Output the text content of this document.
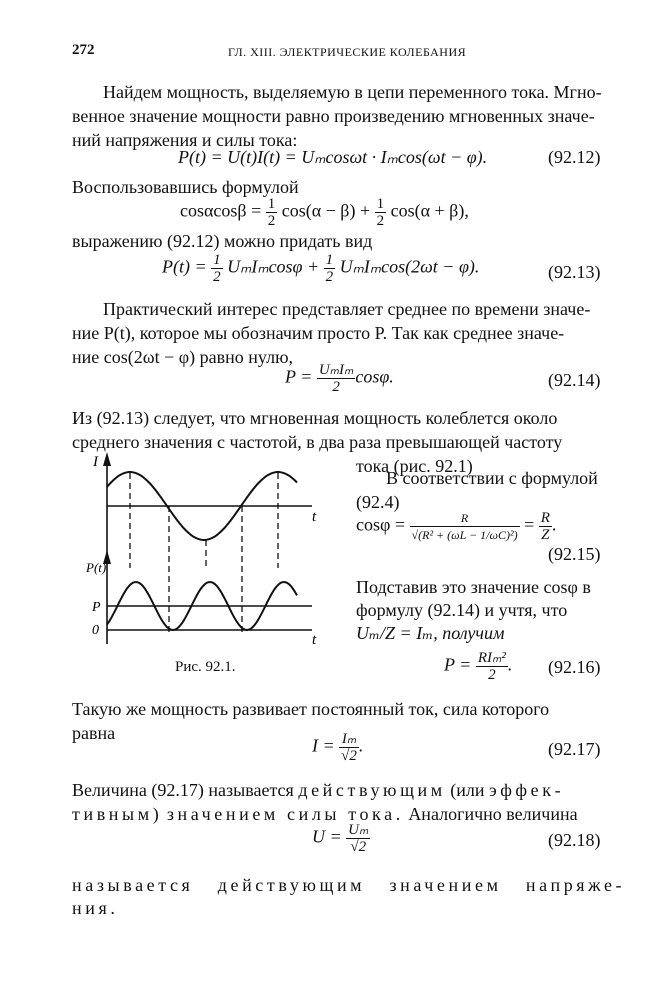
272	ГЛ. XIII. ЭЛЕКТРИЧЕСКИЕ КОЛЕБАНИЯ
Найдем мощность, выделяемую в цепи переменного тока. Мгно-
венное значение мощности равно произведению мгновенных значе-
ний напряжения и силы тока:
P(t) = U(t)I(t) = Uₘcosωt · Iₘcos(ωt − φ).	(92.12)
Воспользовавшись формулой
$\cos\alpha\cos\beta = \frac{1}{2} \cos(\alpha - \beta) + \frac{1}{2} \cos(\alpha + \beta)$,
выражению (92.12) можно придать вид
$P(t) = \frac{1}{2}$ $U_mI_m\cos\varphi + \frac{1}{2} U_mI_m\cos(2\omega t - \varphi)$.	(92.13)
Практический интерес представляет среднее по времени значе-
ние P(t), которое мы обозначим просто P. Так как среднее значе-
ние cos(2ωt − φ) равно нулю,
$P = \frac{\text{UₘIₘ}}{2} \cos\varphi$.	(92.14)
Из (92.13) следует, что мгновенная мощность колеблется около
среднего значения с частотой, в два раза превышающей частоту
тока (рис. 92.1)
I
t
P(t)
P
0
t
Рис. 92.1.
В соответствии с формулой
(92.4)
$\cos\varphi = \frac{R}{\text{√(R² + (ωL − 1/ωC)²)}} = \frac{R}{Z}$ .
(92.15)
Подставив это значение cosφ в
формулу (92.14) и учтя, что
Uₘ/Z = Iₘ, получим
$P = \frac{\text{RIₘ²}}{2}$ . (92.16)
Такую же мощность развивает постоянный ток, сила которого
равна
$I = \frac{\text{Iₘ}}{√2}$ .	(92.17)
Величина (92.17) называется действующим (или эффек-
тивным) значением силы тока. Аналогично величина
$U = \frac{\text{Uₘ}}{√2}$	(92.18)
называется действующим значением напряже-
ния.
